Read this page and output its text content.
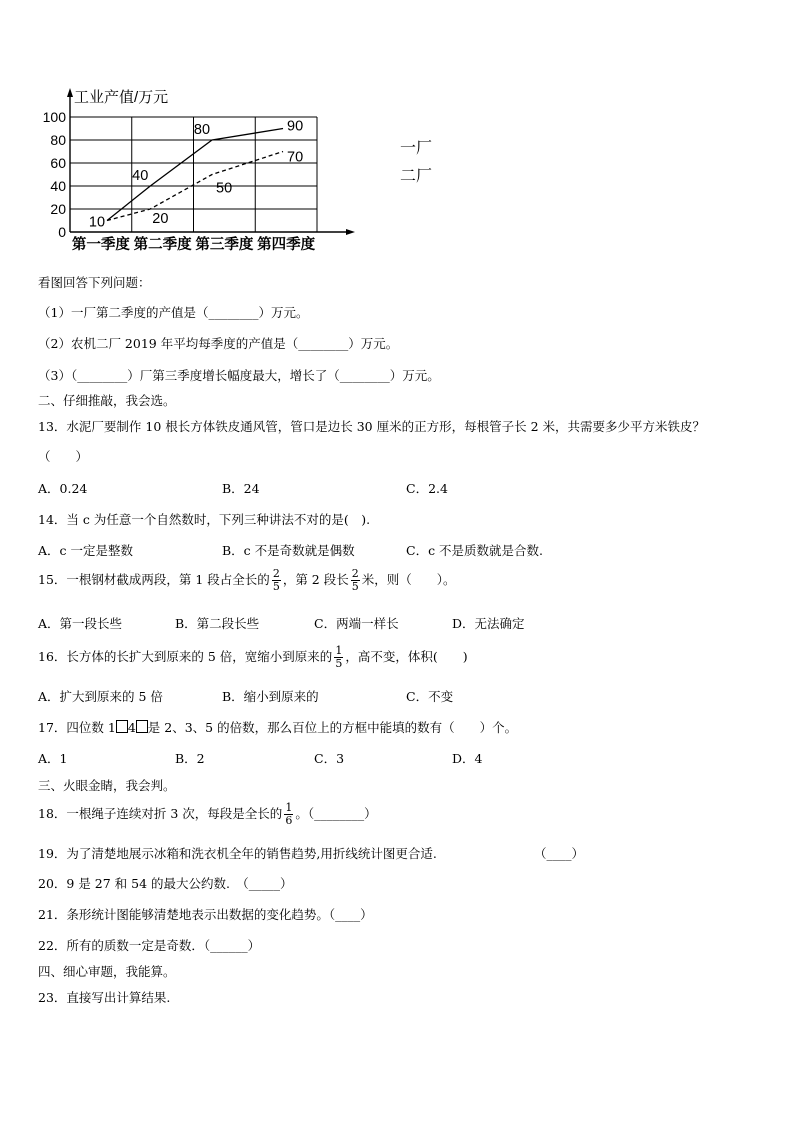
0
20
40
60
80
100
第一季度 第二季度 第三季度 第四季度
10
40
80	90
20
50
70
工业产值/万元
一厂
二厂
看图回答下列问题：
（1）一厂第二季度的产值是（________）万元。
（2）农机二厂 2019 年平均每季度的产值是（________）万元。
（3）（________）厂第三季度增长幅度最大，增长了（________）万元。
二、仔细推敲，我会选。
13．水泥厂要制作 10 根长方体铁皮通风管，管口是边长 30 厘米的正方形，每根管子长 2 米，共需要多少平方米铁皮？
（　　）
A．0.24	B．24	C．2.4
14．当 c 为任意一个自然数时，下列三种讲法不对的是(　).
A．c 一定是整数	B．c 不是奇数就是偶数	C．c 不是质数就是合数.
15．一根钢材截成两段，第 1 段占全长的 $\frac{2}{5}$ ，第 2 段长 $\frac{2}{5}$ 米，则（　　）。
A．第一段长些	B．第二段长些	C．两端一样长	D．无法确定
16．长方体的长扩大到原来的 5 倍，宽缩小到原来的 $\frac{1}{5}$ ，高不变，体积(　　)
A．扩大到原来的 5 倍	B．缩小到原来的	C．不变
17．四位数 1 4 是 2、3、5 的倍数，那么百位上的方框中能填的数有（　　）个。
A．1	B．2	C．3	D．4
三、火眼金睛，我会判。
18．一根绳子连续对折 3 次，每段是全长的 $\frac{1}{6}$ 。（________）
19．为了清楚地展示冰箱和洗衣机全年的销售趋势,用折线统计图更合适.	（____）
20．9 是 27 和 54 的最大公约数.　（_____）
21．条形统计图能够清楚地表示出数据的变化趋势。（____）
22．所有的质数一定是奇数．（______）
四、细心审题，我能算。
23．直接写出计算结果.
